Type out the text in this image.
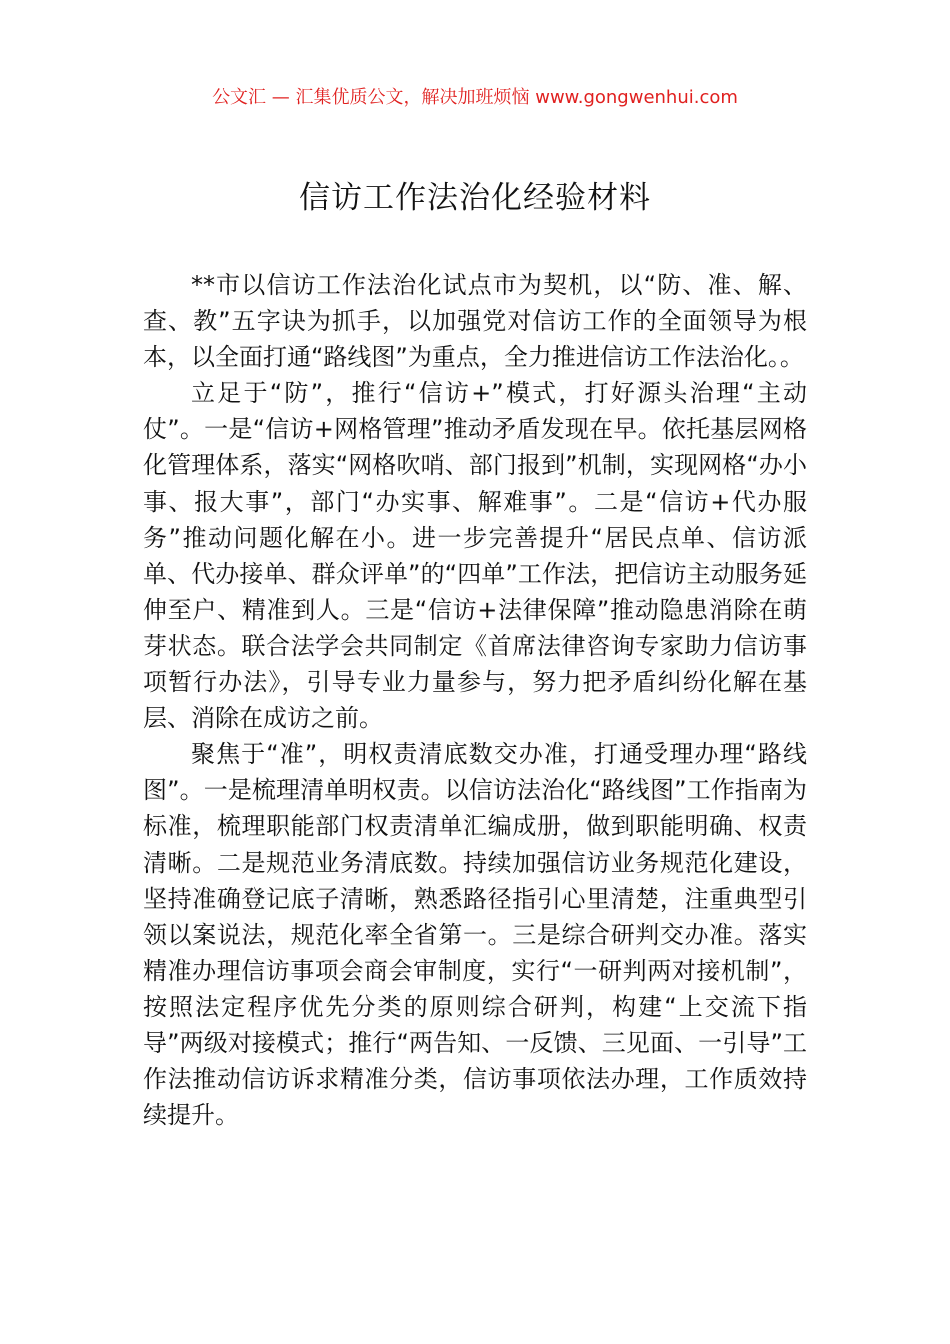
公文汇 — 汇集优质公文，解决加班烦恼 www.gongwenhui.com
信访工作法治化经验材料

**市以信访工作法治化试点市为契机，以“防、准、解、查、教”五字诀为抓手，以加强党对信访工作的全面领导为根本，以全面打通“路线图”为重点，全力推进信访工作法治化。。

立足于“防”，推行“信访+”模式，打好源头治理“主动仗”。一是“信访+网格管理”推动矛盾发现在早。依托基层网格化管理体系，落实“网格吹哨、部门报到”机制，实现网格“办小事、报大事”，部门“办实事、解难事”。二是“信访+代办服务”推动问题化解在小。进一步完善提升“居民点单、信访派单、代办接单、群众评单”的“四单”工作法，把信访主动服务延伸至户、精准到人。三是“信访+法律保障”推动隐患消除在萌芽状态。联合法学会共同制定《首席法律咨询专家助力信访事项暂行办法》，引导专业力量参与，努力把矛盾纠纷化解在基层、消除在成访之前。

聚焦于“准”，明权责清底数交办准，打通受理办理“路线图”。一是梳理清单明权责。以信访法治化“路线图”工作指南为标准，梳理职能部门权责清单汇编成册，做到职能明确、权责清晰。二是规范业务清底数。持续加强信访业务规范化建设，坚持准确登记底子清晰，熟悉路径指引心里清楚，注重典型引领以案说法，规范化率全省第一。三是综合研判交办准。落实精准办理信访事项会商会审制度，实行“一研判两对接机制”，按照法定程序优先分类的原则综合研判，构建“上交流下指导”两级对接模式；推行“两告知、一反馈、三见面、一引导”工作法推动信访诉求精准分类，信访事项依法办理，工作质效持续提升。
